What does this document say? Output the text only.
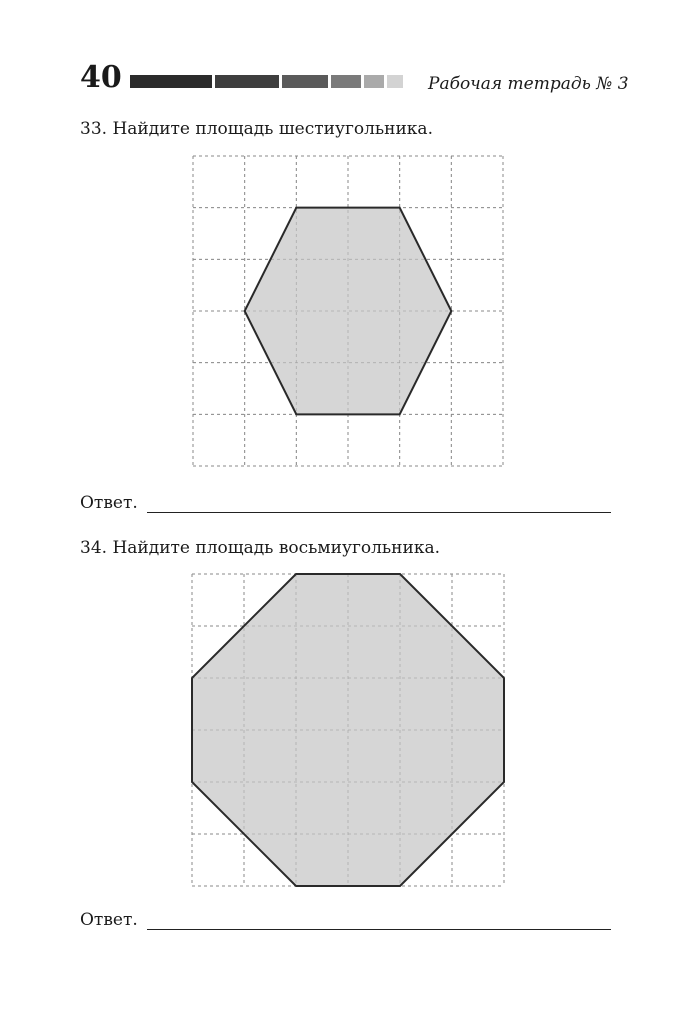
40	Рабочая тетрадь № 3
33. Найдите площадь шестиугольника.
Ответ.
34. Найдите площадь восьмиугольника.
Ответ.
